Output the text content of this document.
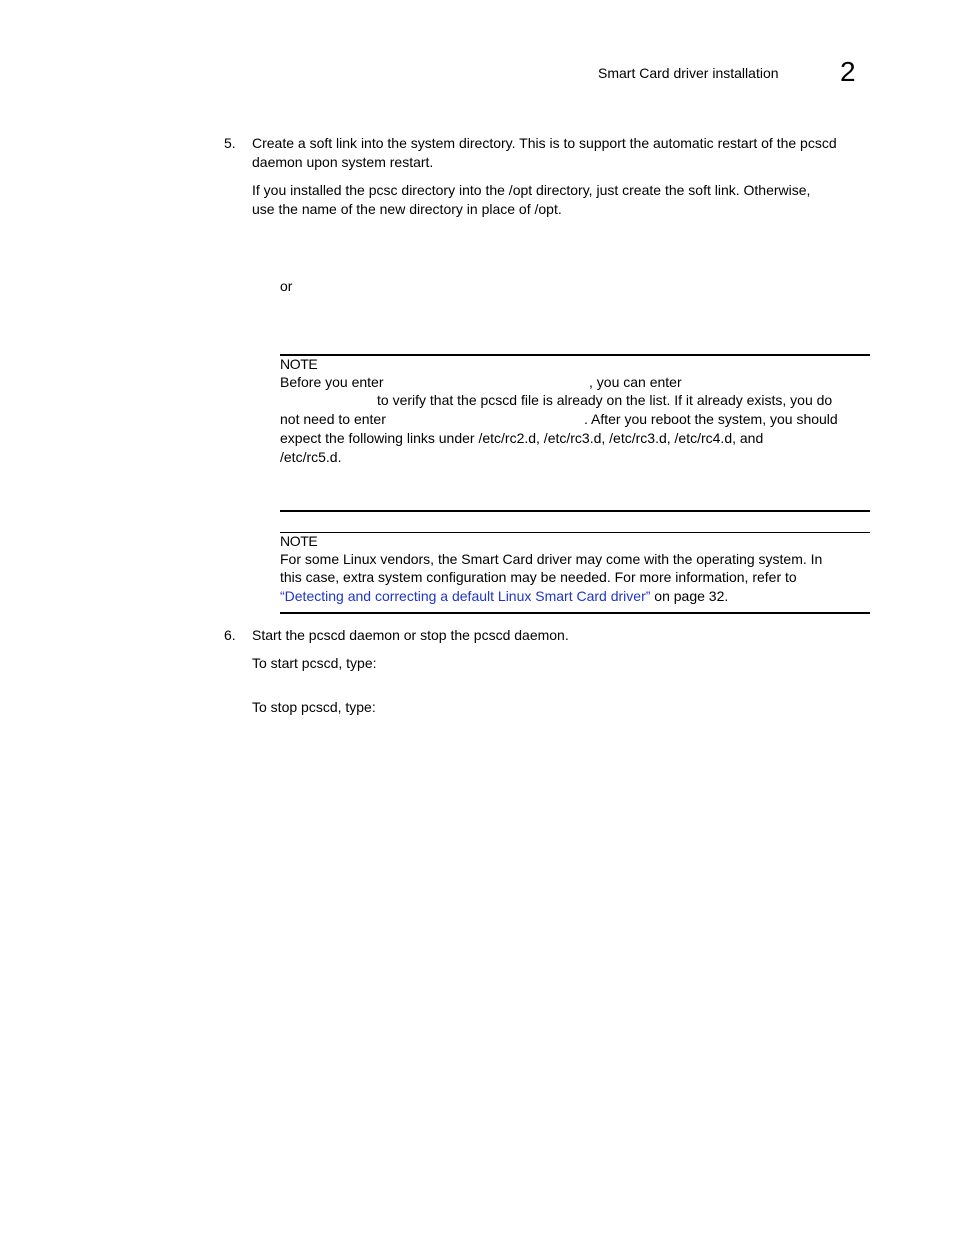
Smart Card driver installation 2
5. Create a soft link into the system directory. This is to support the automatic restart of the pcscd
daemon upon system restart.
If you installed the pcsc directory into the /opt directory, just create the soft link. Otherwise,
use the name of the new directory in place of /opt.
or
NOTE
Before you enter	, you can enter
to verify that the pcscd file is already on the list. If it already exists, you do
not need to enter	. After you reboot the system, you should
expect the following links under /etc/rc2.d, /etc/rc3.d, /etc/rc3.d, /etc/rc4.d, and
/etc/rc5.d.
NOTE
For some Linux vendors, the Smart Card driver may come with the operating system. In
this case, extra system configuration may be needed. For more information, refer to
“Detecting and correcting a default Linux Smart Card driver” on page 32.
6. Start the pcscd daemon or stop the pcscd daemon.
To start pcscd, type:
To stop pcscd, type:
